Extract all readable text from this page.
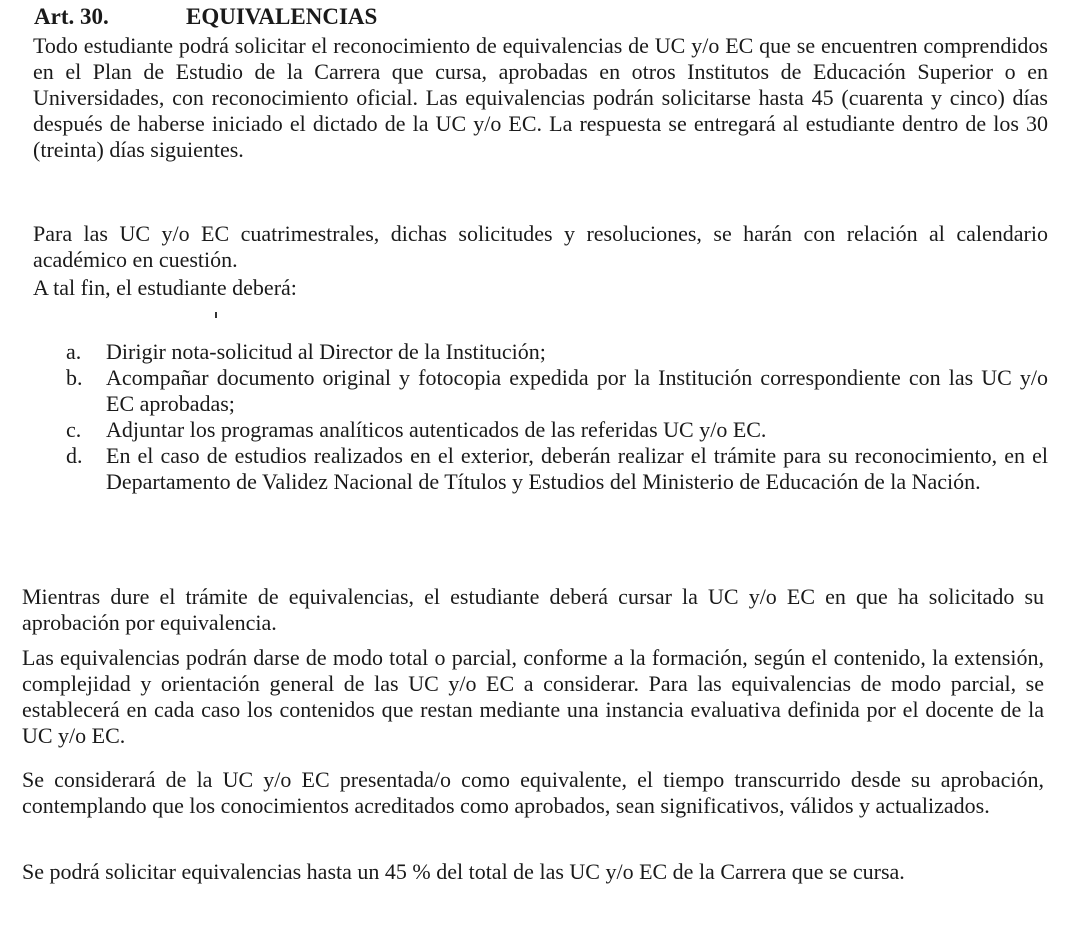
Art. 30.	EQUIVALENCIAS

Todo estudiante podrá solicitar el reconocimiento de equivalencias de UC y/o EC que se encuentren comprendidos en el Plan de Estudio de la Carrera que cursa, aprobadas en otros Institutos de Educación Superior o en Universidades, con reconocimiento oficial. Las equivalencias podrán solicitarse hasta 45 (cuarenta y cinco) días después de haberse iniciado el dictado de la UC y/o EC. La respuesta se entregará al estudiante dentro de los 30 (treinta) días siguientes.

Para las UC y/o EC cuatrimestrales, dichas solicitudes y resoluciones, se harán con relación al calendario académico en cuestión.

A tal fin, el estudiante deberá:

a. Dirigir nota-solicitud al Director de la Institución;
b. Acompañar documento original y fotocopia expedida por la Institución correspondiente con las UC y/o EC aprobadas;
c. Adjuntar los programas analíticos autenticados de las referidas UC y/o EC.
d. En el caso de estudios realizados en el exterior, deberán realizar el trámite para su reconocimiento, en el Departamento de Validez Nacional de Títulos y Estudios del Ministerio de Educación de la Nación.

Mientras dure el trámite de equivalencias, el estudiante deberá cursar la UC y/o EC en que ha solicitado su aprobación por equivalencia.

Las equivalencias podrán darse de modo total o parcial, conforme a la formación, según el contenido, la extensión, complejidad y orientación general de las UC y/o EC a considerar. Para las equivalencias de modo parcial, se establecerá en cada caso los contenidos que restan mediante una instancia evaluativa definida por el docente de la UC y/o EC.

Se considerará de la UC y/o EC presentada/o como equivalente, el tiempo transcurrido desde su aprobación, contemplando que los conocimientos acreditados como aprobados, sean significativos, válidos y actualizados.

Se podrá solicitar equivalencias hasta un 45 % del total de las UC y/o EC de la Carrera que se cursa.
